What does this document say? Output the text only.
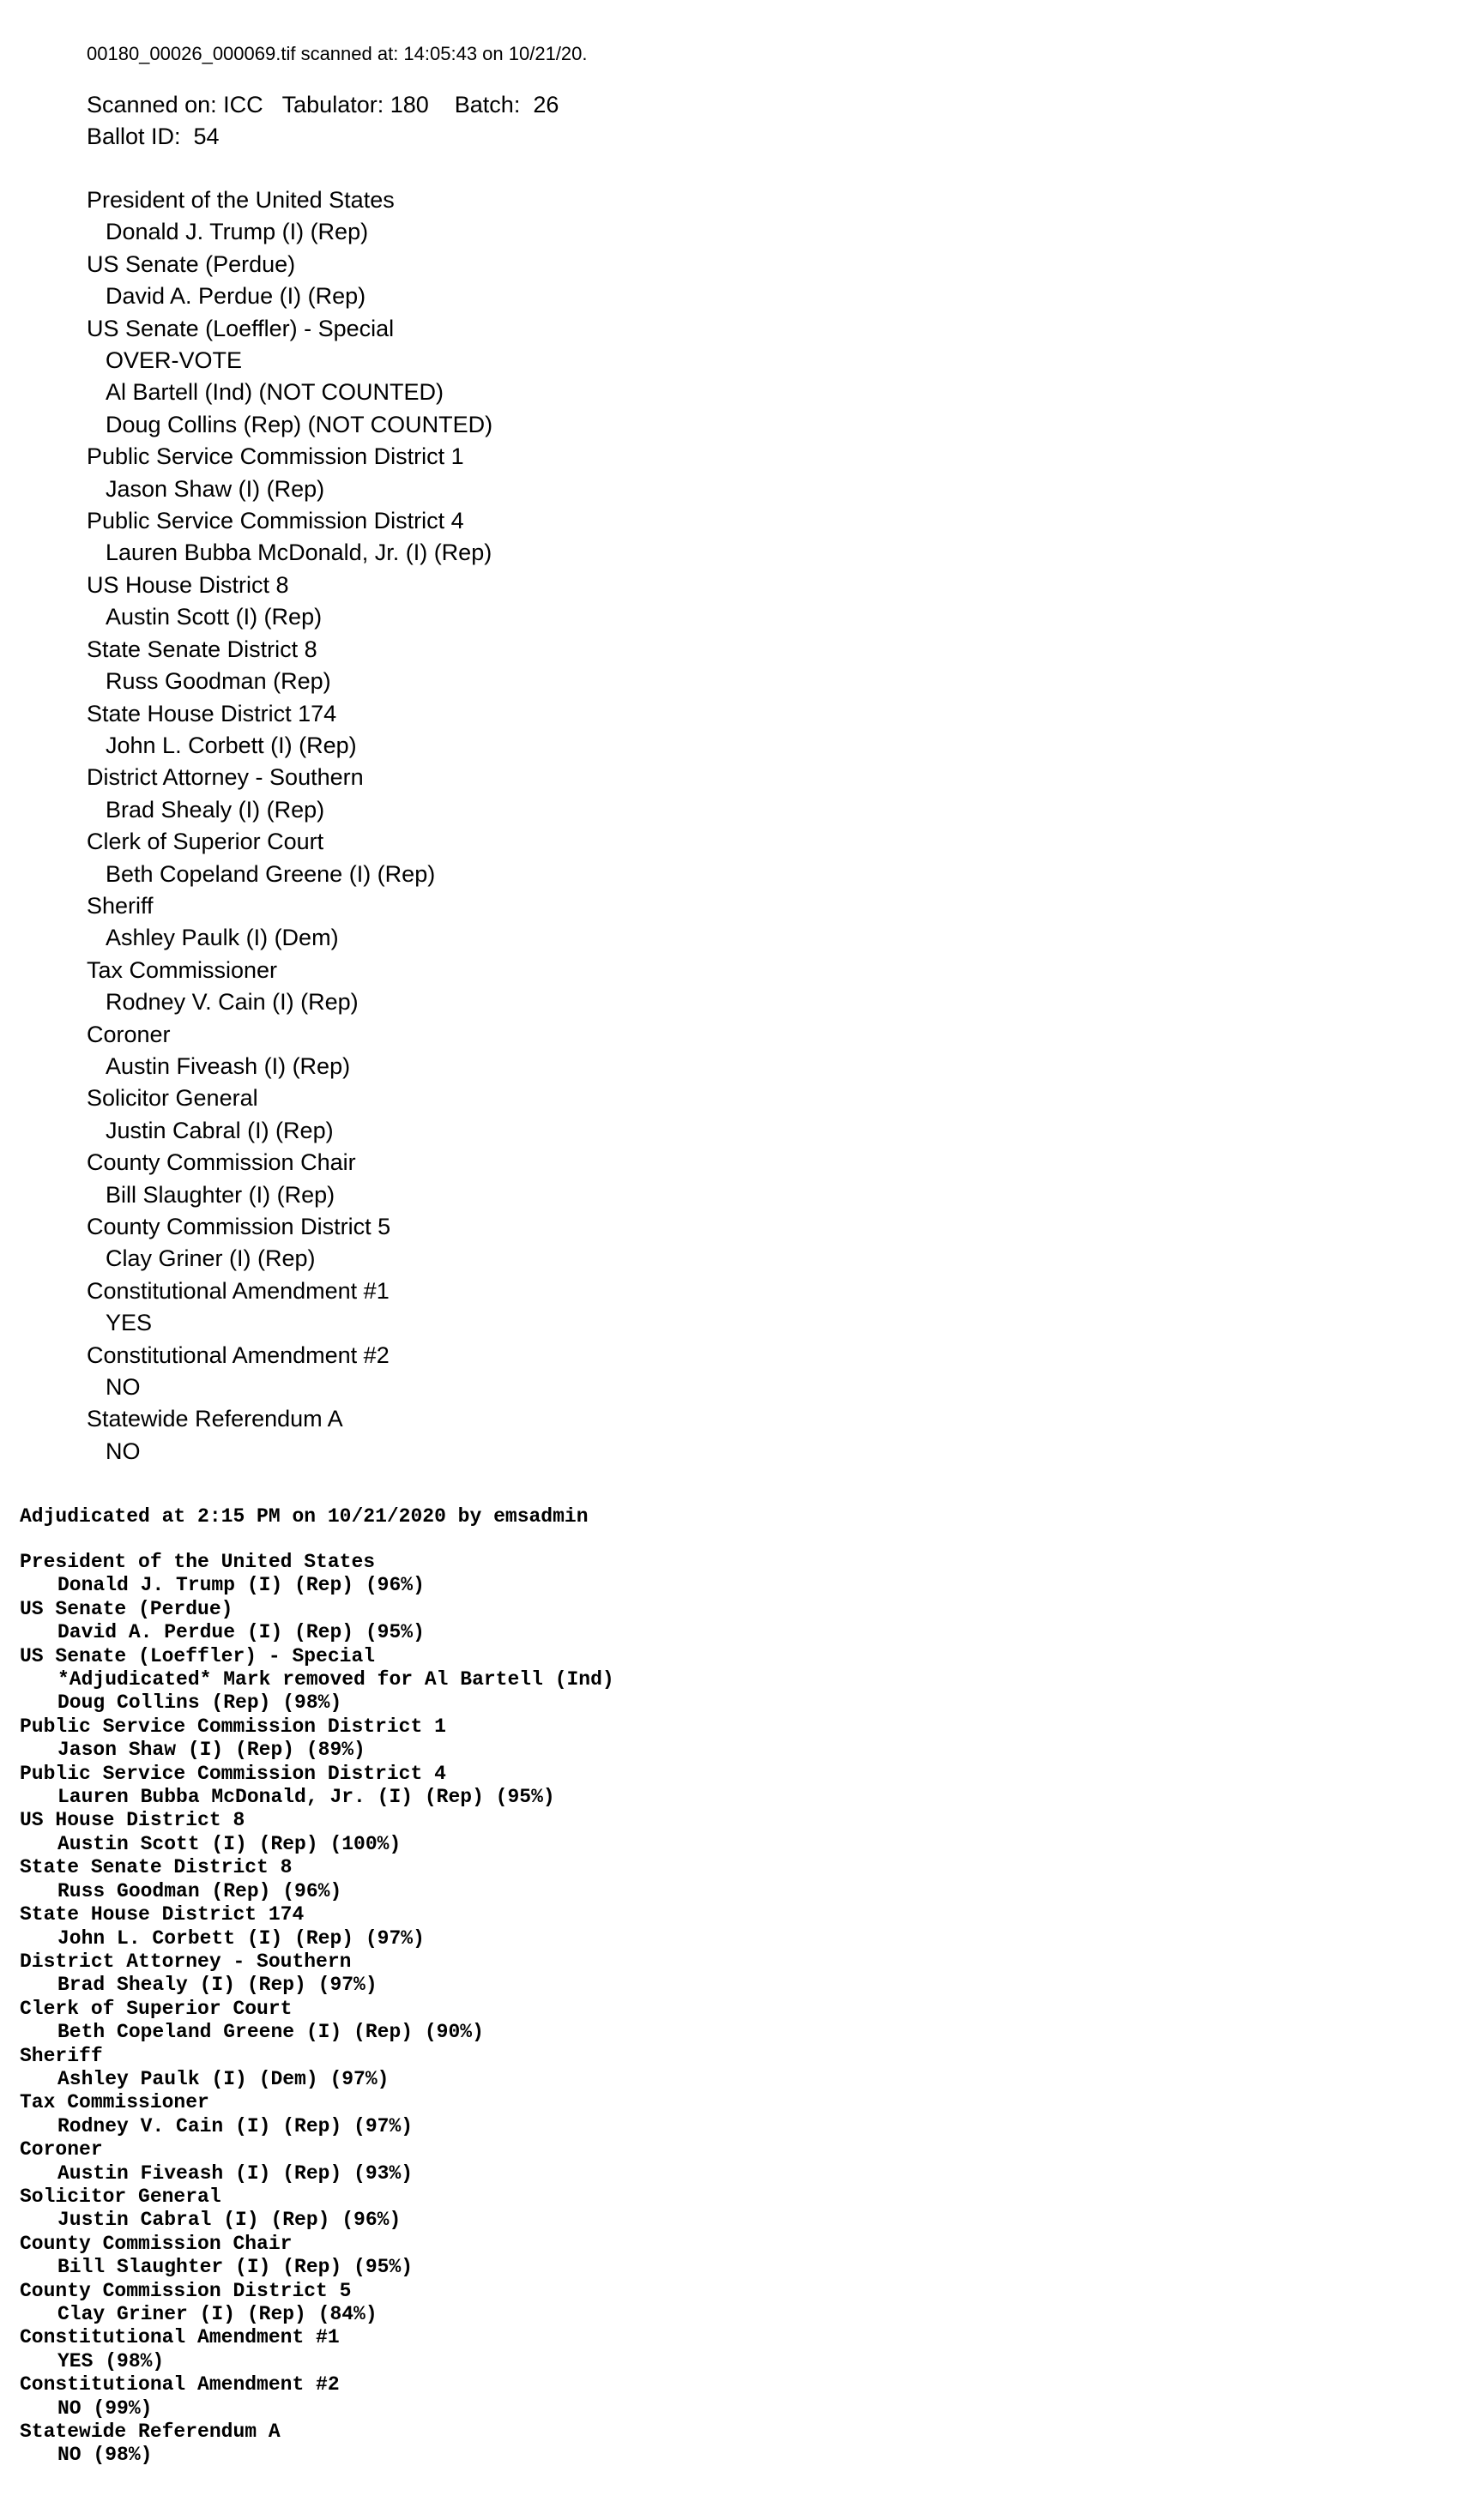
00180_00026_000069.tif scanned at: 14:05:43 on 10/21/20.
Scanned on: ICC   Tabulator: 180    Batch:  26
Ballot ID:  54
President of the United States
Donald J. Trump (I) (Rep)
US Senate (Perdue)
David A. Perdue (I) (Rep)
US Senate (Loeffler) - Special
OVER-VOTE
Al Bartell (Ind) (NOT COUNTED)
Doug Collins (Rep) (NOT COUNTED)
Public Service Commission District 1
Jason Shaw (I) (Rep)
Public Service Commission District 4
Lauren Bubba McDonald, Jr. (I) (Rep)
US House District 8
Austin Scott (I) (Rep)
State Senate District 8
Russ Goodman (Rep)
State House District 174
John L. Corbett (I) (Rep)
District Attorney - Southern
Brad Shealy (I) (Rep)
Clerk of Superior Court
Beth Copeland Greene (I) (Rep)
Sheriff
Ashley Paulk (I) (Dem)
Tax Commissioner
Rodney V. Cain (I) (Rep)
Coroner
Austin Fiveash (I) (Rep)
Solicitor General
Justin Cabral (I) (Rep)
County Commission Chair
Bill Slaughter (I) (Rep)
County Commission District 5
Clay Griner (I) (Rep)
Constitutional Amendment #1
YES
Constitutional Amendment #2
NO
Statewide Referendum A
NO
Adjudicated at 2:15 PM on 10/21/2020 by emsadmin
President of the United States
Donald J. Trump (I) (Rep) (96%)
US Senate (Perdue)
David A. Perdue (I) (Rep) (95%)
US Senate (Loeffler) - Special
*Adjudicated* Mark removed for Al Bartell (Ind)
Doug Collins (Rep) (98%)
Public Service Commission District 1
Jason Shaw (I) (Rep) (89%)
Public Service Commission District 4
Lauren Bubba McDonald, Jr. (I) (Rep) (95%)
US House District 8
Austin Scott (I) (Rep) (100%)
State Senate District 8
Russ Goodman (Rep) (96%)
State House District 174
John L. Corbett (I) (Rep) (97%)
District Attorney - Southern
Brad Shealy (I) (Rep) (97%)
Clerk of Superior Court
Beth Copeland Greene (I) (Rep) (90%)
Sheriff
Ashley Paulk (I) (Dem) (97%)
Tax Commissioner
Rodney V. Cain (I) (Rep) (97%)
Coroner
Austin Fiveash (I) (Rep) (93%)
Solicitor General
Justin Cabral (I) (Rep) (96%)
County Commission Chair
Bill Slaughter (I) (Rep) (95%)
County Commission District 5
Clay Griner (I) (Rep) (84%)
Constitutional Amendment #1
YES (98%)
Constitutional Amendment #2
NO (99%)
Statewide Referendum A
NO (98%)
